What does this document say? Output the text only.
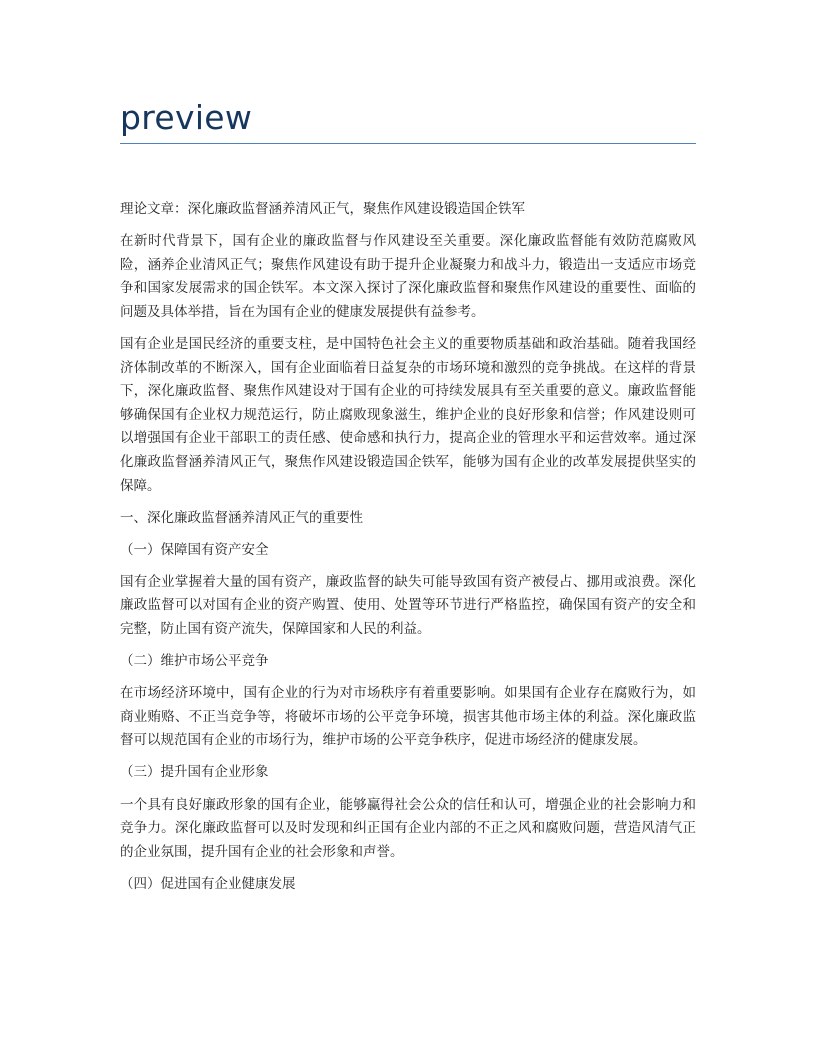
preview

理论文章：深化廉政监督涵养清风正气，聚焦作风建设锻造国企铁军

在新时代背景下，国有企业的廉政监督与作风建设至关重要。深化廉政监督能有效防范腐败风险，涵养企业清风正气；聚焦作风建设有助于提升企业凝聚力和战斗力，锻造出一支适应市场竞争和国家发展需求的国企铁军。本文深入探讨了深化廉政监督和聚焦作风建设的重要性、面临的问题及具体举措，旨在为国有企业的健康发展提供有益参考。

国有企业是国民经济的重要支柱，是中国特色社会主义的重要物质基础和政治基础。随着我国经济体制改革的不断深入，国有企业面临着日益复杂的市场环境和激烈的竞争挑战。在这样的背景下，深化廉政监督、聚焦作风建设对于国有企业的可持续发展具有至关重要的意义。廉政监督能够确保国有企业权力规范运行，防止腐败现象滋生，维护企业的良好形象和信誉；作风建设则可以增强国有企业干部职工的责任感、使命感和执行力，提高企业的管理水平和运营效率。通过深化廉政监督涵养清风正气，聚焦作风建设锻造国企铁军，能够为国有企业的改革发展提供坚实的保障。

一、深化廉政监督涵养清风正气的重要性

（一）保障国有资产安全

国有企业掌握着大量的国有资产，廉政监督的缺失可能导致国有资产被侵占、挪用或浪费。深化廉政监督可以对国有企业的资产购置、使用、处置等环节进行严格监控，确保国有资产的安全和完整，防止国有资产流失，保障国家和人民的利益。

（二）维护市场公平竞争

在市场经济环境中，国有企业的行为对市场秩序有着重要影响。如果国有企业存在腐败行为，如商业贿赂、不正当竞争等，将破坏市场的公平竞争环境，损害其他市场主体的利益。深化廉政监督可以规范国有企业的市场行为，维护市场的公平竞争秩序，促进市场经济的健康发展。

（三）提升国有企业形象

一个具有良好廉政形象的国有企业，能够赢得社会公众的信任和认可，增强企业的社会影响力和竞争力。深化廉政监督可以及时发现和纠正国有企业内部的不正之风和腐败问题，营造风清气正的企业氛围，提升国有企业的社会形象和声誉。

（四）促进国有企业健康发展
